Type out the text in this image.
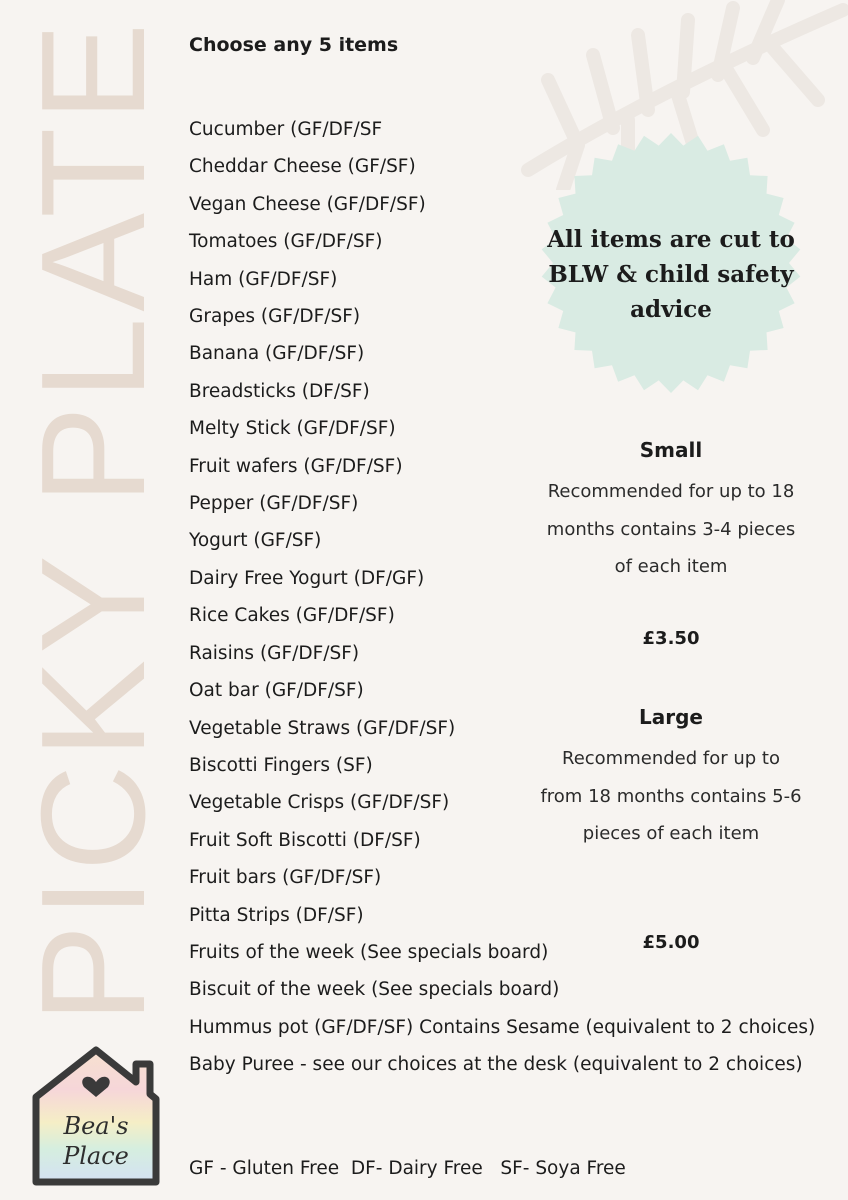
PICKY PLATE Choose any 5 items
Cucumber (GF/DF/SF
Cheddar Cheese (GF/SF)
Vegan Cheese (GF/DF/SF)
Tomatoes (GF/DF/SF)
Ham (GF/DF/SF)
Grapes (GF/DF/SF)
Banana (GF/DF/SF)
Breadsticks (DF/SF)
Melty Stick (GF/DF/SF)
Fruit wafers (GF/DF/SF)
Pepper (GF/DF/SF)
Yogurt (GF/SF)
Dairy Free Yogurt (DF/GF)
Rice Cakes (GF/DF/SF)
Raisins (GF/DF/SF)
Oat bar (GF/DF/SF)
Vegetable Straws (GF/DF/SF)
Biscotti Fingers (SF)
Vegetable Crisps (GF/DF/SF)
Fruit Soft Biscotti (DF/SF)
Fruit bars (GF/DF/SF)
Pitta Strips (DF/SF)
Fruits of the week (See specials board)
Biscuit of the week (See specials board)
Hummus pot (GF/DF/SF) Contains Sesame (equivalent to 2 choices)
Baby Puree - see our choices at the desk (equivalent to 2 choices)
All items are cut to BLW & child safety advice
Small
Recommended for up to 18 months contains 3-4 pieces of each item
£3.50
Large
Recommended for up to from 18 months contains 5-6 pieces of each item
£5.00
Bea's
Place	GF - Gluten Free  DF- Dairy Free   SF- Soya Free
